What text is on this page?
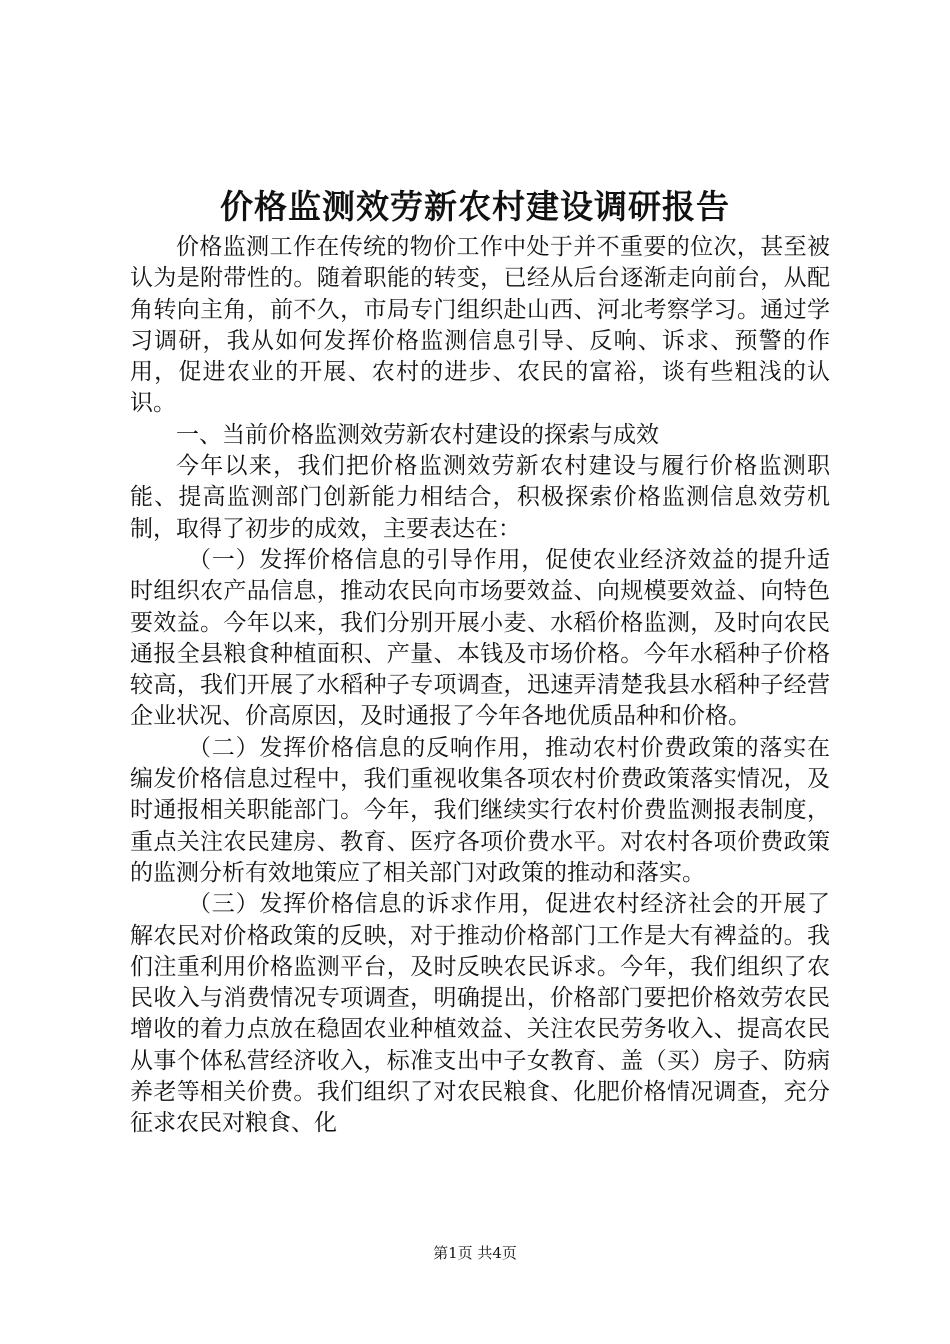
价格监测效劳新农村建设调研报告

价格监测工作在传统的物价工作中处于并不重要的位次，甚至被认为是附带性的。随着职能的转变，已经从后台逐渐走向前台，从配角转向主角，前不久，市局专门组织赴山西、河北考察学习。通过学习调研，我从如何发挥价格监测信息引导、反响、诉求、预警的作用，促进农业的开展、农村的进步、农民的富裕，谈有些粗浅的认识。

一、当前价格监测效劳新农村建设的探索与成效

今年以来，我们把价格监测效劳新农村建设与履行价格监测职能、提高监测部门创新能力相结合，积极探索价格监测信息效劳机制，取得了初步的成效，主要表达在：

（一）发挥价格信息的引导作用，促使农业经济效益的提升适时组织农产品信息，推动农民向市场要效益、向规模要效益、向特色要效益。今年以来，我们分别开展小麦、水稻价格监测，及时向农民通报全县粮食种植面积、产量、本钱及市场价格。今年水稻种子价格较高，我们开展了水稻种子专项调查，迅速弄清楚我县水稻种子经营企业状况、价高原因，及时通报了今年各地优质品种和价格。

（二）发挥价格信息的反响作用，推动农村价费政策的落实在编发价格信息过程中，我们重视收集各项农村价费政策落实情况，及时通报相关职能部门。今年，我们继续实行农村价费监测报表制度，重点关注农民建房、教育、医疗各项价费水平。对农村各项价费政策的监测分析有效地策应了相关部门对政策的推动和落实。

（三）发挥价格信息的诉求作用，促进农村经济社会的开展了解农民对价格政策的反映，对于推动价格部门工作是大有裨益的。我们注重利用价格监测平台，及时反映农民诉求。今年，我们组织了农民收入与消费情况专项调查，明确提出，价格部门要把价格效劳农民增收的着力点放在稳固农业种植效益、关注农民劳务收入、提高农民从事个体私营经济收入，标准支出中子女教育、盖（买）房子、防病养老等相关价费。我们组织了对农民粮食、化肥价格情况调查，充分征求农民对粮食、化

第1页 共4页
